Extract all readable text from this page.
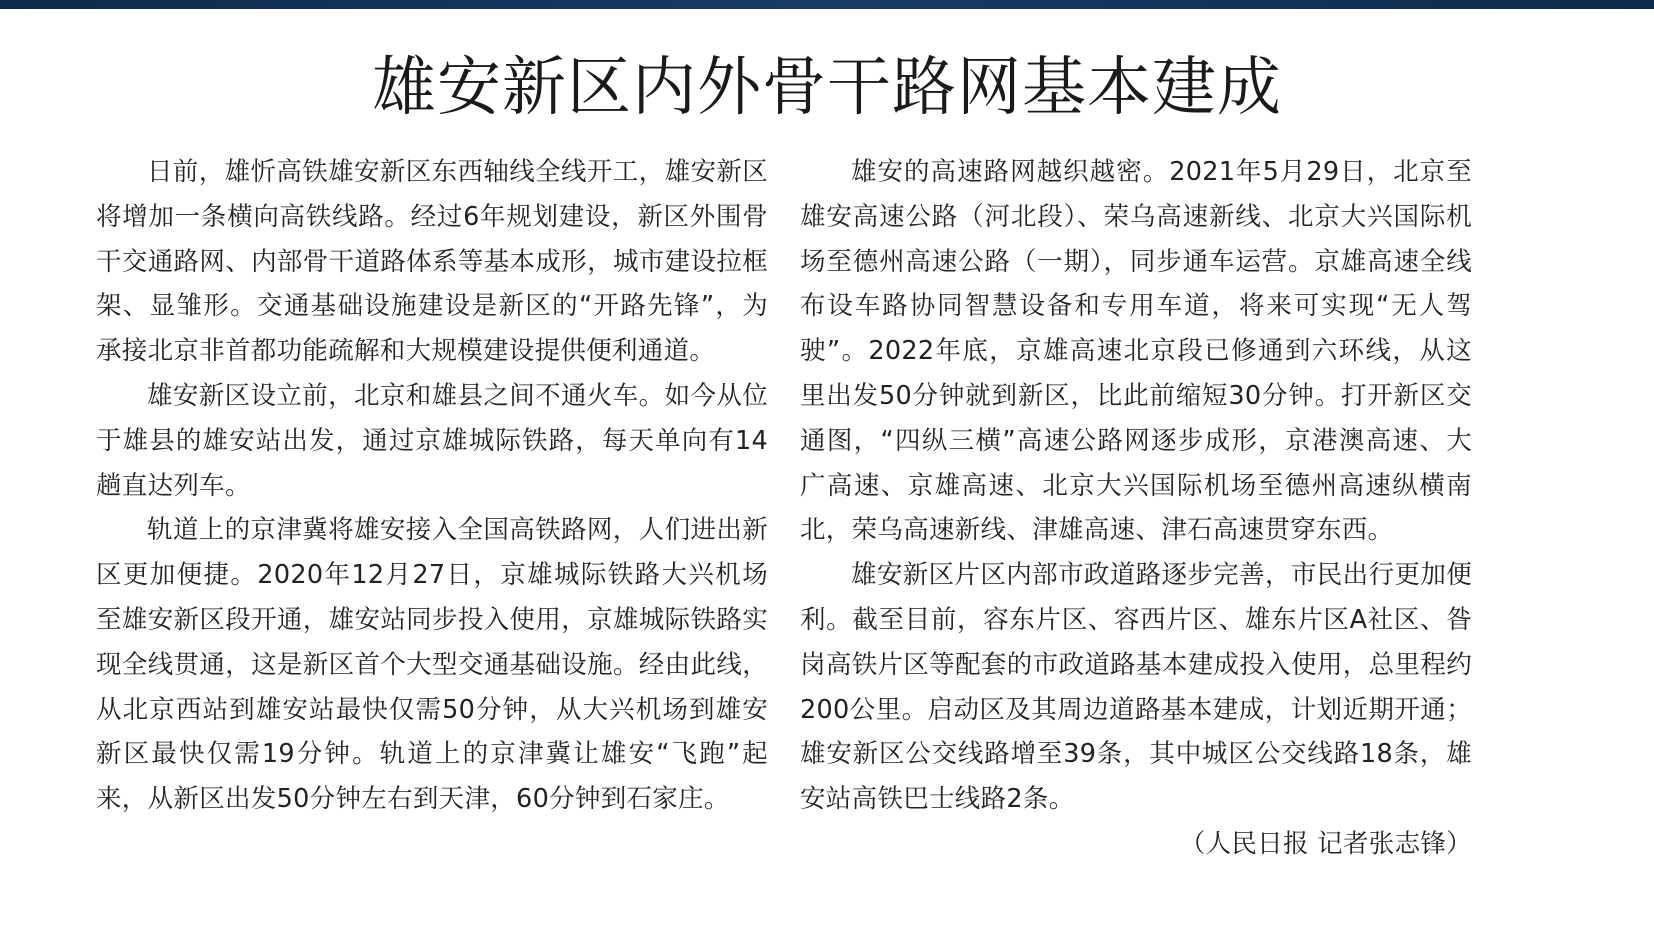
雄安新区内外骨干路网基本建成

日前，雄忻高铁雄安新区东西轴线全线开工，雄安新区将增加一条横向高铁线路。经过6年规划建设，新区外围骨干交通路网、内部骨干道路体系等基本成形，城市建设拉框架、显雏形。交通基础设施建设是新区的“开路先锋”，为承接北京非首都功能疏解和大规模建设提供便利通道。

雄安新区设立前，北京和雄县之间不通火车。如今从位于雄县的雄安站出发，通过京雄城际铁路，每天单向有14趟直达列车。

轨道上的京津冀将雄安接入全国高铁路网，人们进出新区更加便捷。2020年12月27日，京雄城际铁路大兴机场至雄安新区段开通，雄安站同步投入使用，京雄城际铁路实现全线贯通，这是新区首个大型交通基础设施。经由此线，从北京西站到雄安站最快仅需50分钟，从大兴机场到雄安新区最快仅需19分钟。轨道上的京津冀让雄安“飞跑”起来，从新区出发50分钟左右到天津，60分钟到石家庄。

雄安的高速路网越织越密。2021年5月29日，北京至雄安高速公路（河北段）、荣乌高速新线、北京大兴国际机场至德州高速公路（一期），同步通车运营。京雄高速全线布设车路协同智慧设备和专用车道，将来可实现“无人驾驶”。2022年底，京雄高速北京段已修通到六环线，从这里出发50分钟就到新区，比此前缩短30分钟。打开新区交通图，“四纵三横”高速公路网逐步成形，京港澳高速、大广高速、京雄高速、北京大兴国际机场至德州高速纵横南北，荣乌高速新线、津雄高速、津石高速贯穿东西。

雄安新区片区内部市政道路逐步完善，市民出行更加便利。截至目前，容东片区、容西片区、雄东片区A社区、昝岗高铁片区等配套的市政道路基本建成投入使用，总里程约200公里。启动区及其周边道路基本建成，计划近期开通；雄安新区公交线路增至39条，其中城区公交线路18条，雄安站高铁巴士线路2条。

（人民日报 记者张志锋）
